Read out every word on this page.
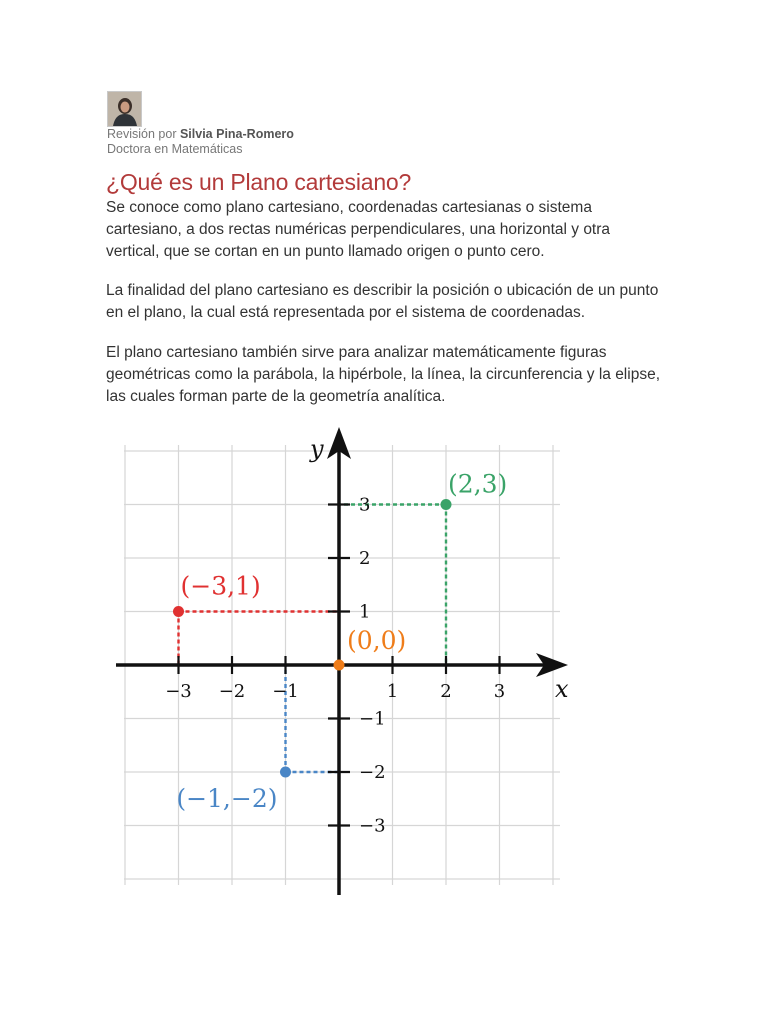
Revisión por Silvia Pina-Romero
Doctora en Matemáticas
¿Qué es un Plano cartesiano?

Se conoce como plano cartesiano, coordenadas cartesianas o sistema cartesiano, a dos rectas numéricas perpendiculares, una horizontal y otra vertical, que se cortan en un punto llamado origen o punto cero.

La finalidad del plano cartesiano es describir la posición o ubicación de un punto en el plano, la cual está representada por el sistema de coordenadas.

El plano cartesiano también sirve para analizar matemáticamente figuras geométricas como la parábola, la hipérbole, la línea, la circunferencia y la elipse, las cuales forman parte de la geometría analítica.

x
y
−3 −2 −1	1 2 3
3
2
1
−1
−2
−3
(2,3)
(−3,1)
(0,0)
(−1,−2)
